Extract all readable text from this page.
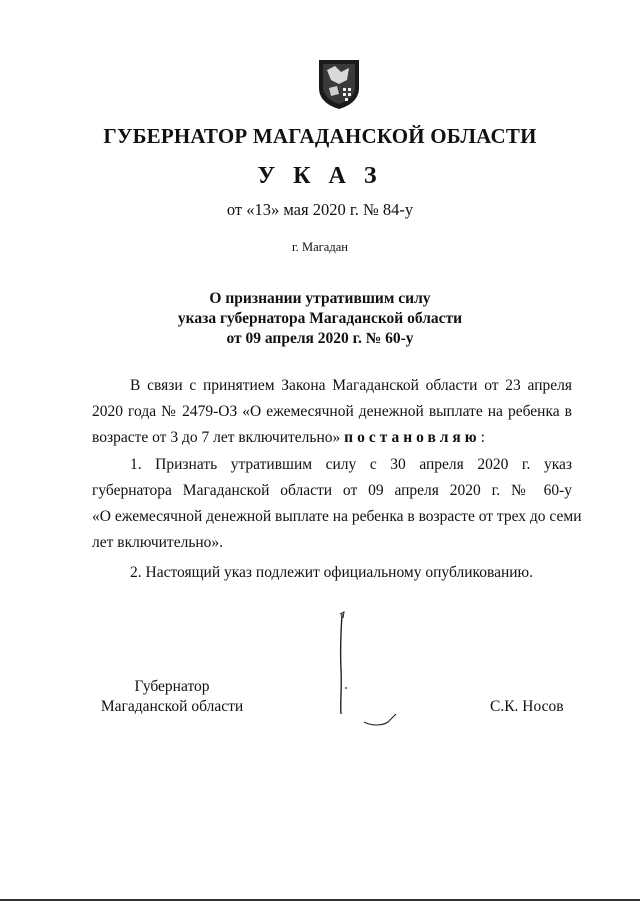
ГУБЕРНАТОР МАГАДАНСКОЙ ОБЛАСТИ
У К А З
от «13» мая 2020 г. № 84-у
г. Магадан
О признании утратившим силу
указа губернатора Магаданской области
от 09 апреля 2020 г. № 60-у
В связи с принятием Закона Магаданской области от 23 апреля
2020 года № 2479-ОЗ «О ежемесячной денежной выплате на ребенка в
возрасте от 3 до 7 лет включительно» постановляю:
1. Признать утратившим силу с 30 апреля 2020 г. указ
губернатора Магаданской области от 09 апреля 2020 г. № 60-у
«О ежемесячной денежной выплате на ребенка в возрасте от трех до семи
лет включительно».
2. Настоящий указ подлежит официальному опубликованию.
Губернатор
Магаданской области	С.К. Носов
